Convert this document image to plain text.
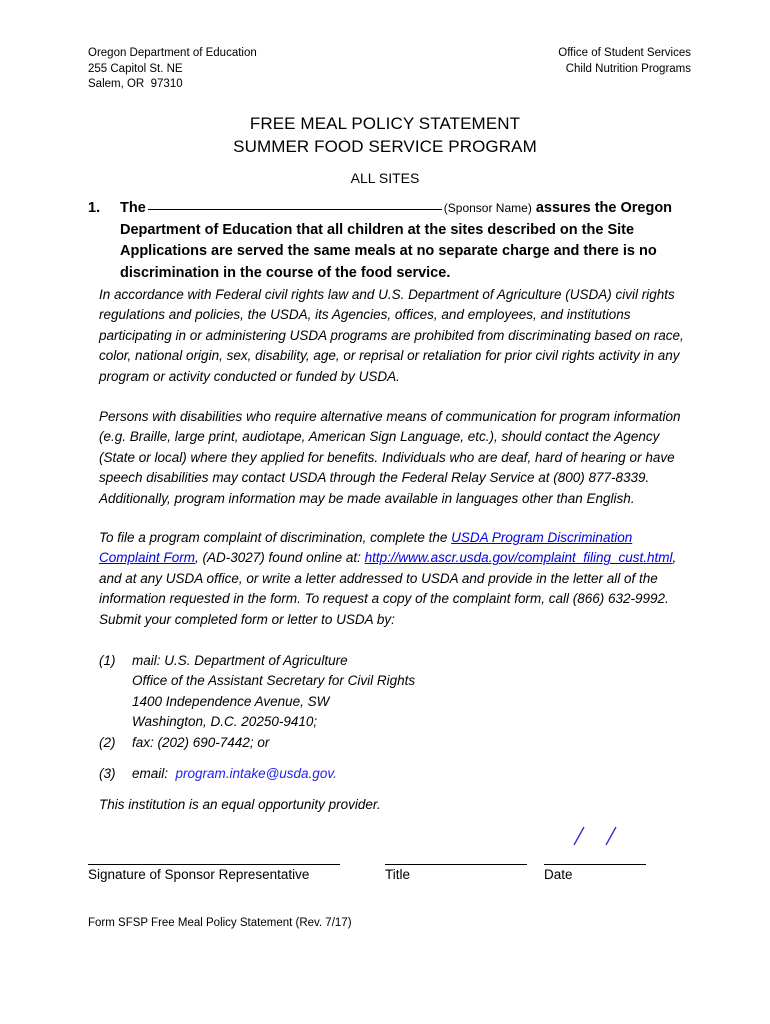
Oregon Department of Education
255 Capitol St. NE
Salem, OR  97310
Office of Student Services
Child Nutrition Programs
FREE MEAL POLICY STATEMENT
SUMMER FOOD SERVICE PROGRAM
ALL SITES
1.	The	(Sponsor Name) assures the Oregon Department of Education that all children at the sites described on the Site Applications are served the same meals at no separate charge and there is no discrimination in the course of the food service.
In accordance with Federal civil rights law and U.S. Department of Agriculture (USDA) civil rights regulations and policies, the USDA, its Agencies, offices, and employees, and institutions participating in or administering USDA programs are prohibited from discriminating based on race, color, national origin, sex, disability, age, or reprisal or retaliation for prior civil rights activity in any program or activity conducted or funded by USDA.
Persons with disabilities who require alternative means of communication for program information (e.g. Braille, large print, audiotape, American Sign Language, etc.), should contact the Agency (State or local) where they applied for benefits. Individuals who are deaf, hard of hearing or have speech disabilities may contact USDA through the Federal Relay Service at (800) 877-8339. Additionally, program information may be made available in languages other than English.
To file a program complaint of discrimination, complete the USDA Program Discrimination Complaint Form, (AD-3027) found online at: http://www.ascr.usda.gov/complaint_filing_cust.html, and at any USDA office, or write a letter addressed to USDA and provide in the letter all of the information requested in the form. To request a copy of the complaint form, call (866) 632-9992. Submit your completed form or letter to USDA by:
(1)	mail: U.S. Department of Agriculture
Office of the Assistant Secretary for Civil Rights
1400 Independence Avenue, SW
Washington, D.C. 20250-9410;
(2)	fax: (202) 690-7442; or
(3)	email: program.intake@usda.gov.
This institution is an equal opportunity provider.
Signature of Sponsor Representative	Title	Date
Form SFSP Free Meal Policy Statement (Rev. 7/17)
